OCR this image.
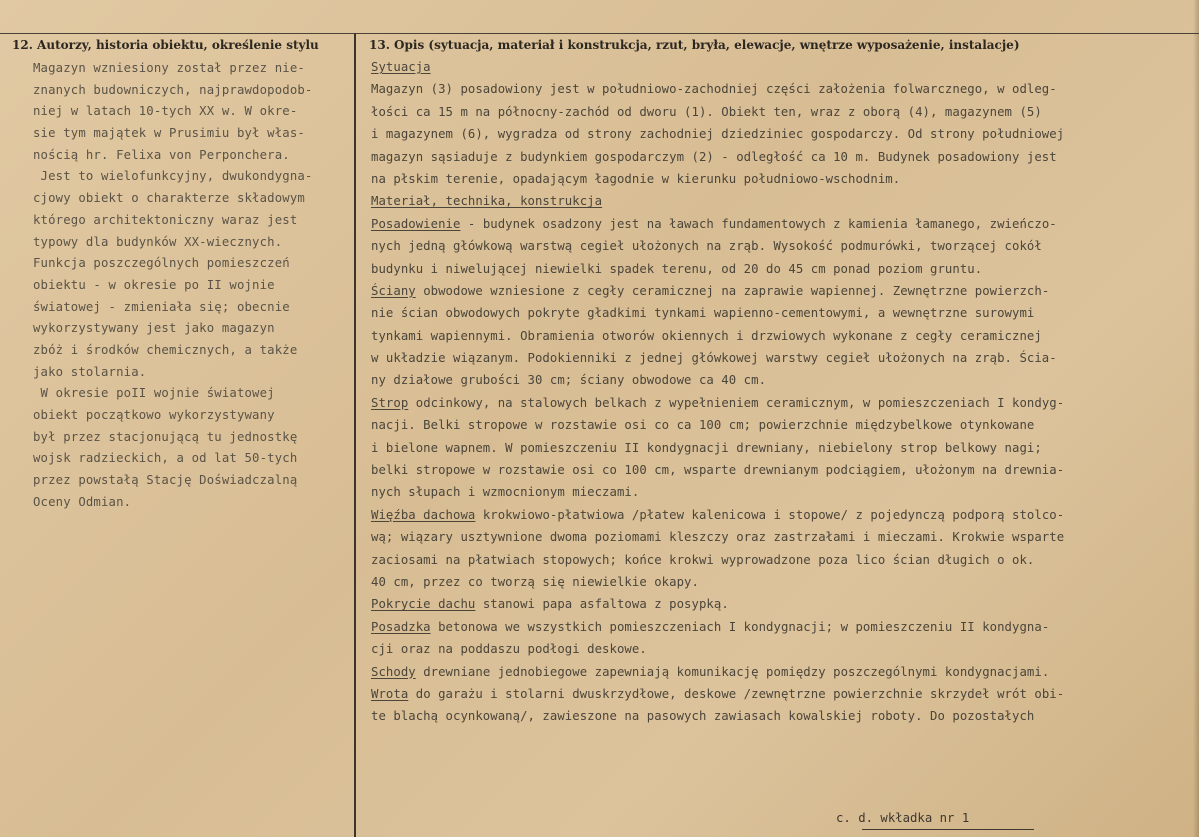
12. Autorzy, historia obiektu, określenie stylu	13. Opis (sytuacja, materiał i konstrukcja, rzut, bryła, elewacje, wnętrze wyposażenie, instalacje)
Magazyn wzniesiony został przez nie-
znanych budowniczych, najprawdopodob-
niej w latach 10-tych XX w. W okre-
sie tym majątek w Prusimiu był włas-
nością hr. Felixa von Perponchera.
Jest to wielofunkcyjny, dwukondygna-
cjowy obiekt o charakterze składowym
którego architektoniczny waraz jest
typowy dla budynków XX-wiecznych.
Funkcja poszczególnych pomieszczeń
obiektu - w okresie po II wojnie
światowej - zmieniała się; obecnie
wykorzystywany jest jako magazyn
zbóż i środków chemicznych, a także
jako stolarnia.
W okresie poII wojnie światowej
obiekt początkowo wykorzystywany
był przez stacjonującą tu jednostkę
wojsk radzieckich, a od lat 50-tych
przez powstałą Stację Doświadczalną
Oceny Odmian.
Sytuacja
Magazyn (3) posadowiony jest w południowo-zachodniej części założenia folwarcznego, w odleg-
łości ca 15 m na północny-zachód od dworu (1). Obiekt ten, wraz z oborą (4), magazynem (5)
i magazynem (6), wygradza od strony zachodniej dziedziniec gospodarczy. Od strony południowej
magazyn sąsiaduje z budynkiem gospodarczym (2) - odległość ca 10 m. Budynek posadowiony jest
na płskim terenie, opadającym łagodnie w kierunku południowo-wschodnim.
Materiał, technika, konstrukcja
Posadowienie - budynek osadzony jest na ławach fundamentowych z kamienia łamanego, zwieńczo-
nych jedną główkową warstwą cegieł ułożonych na zrąb. Wysokość podmurówki, tworzącej cokół
budynku i niwelującej niewielki spadek terenu, od 20 do 45 cm ponad poziom gruntu.
Ściany obwodowe wzniesione z cegły ceramicznej na zaprawie wapiennej. Zewnętrzne powierzch-
nie ścian obwodowych pokryte gładkimi tynkami wapienno-cementowymi, a wewnętrzne surowymi
tynkami wapiennymi. Obramienia otworów okiennych i drzwiowych wykonane z cegły ceramicznej
w układzie wiązanym. Podokienniki z jednej główkowej warstwy cegieł ułożonych na zrąb. Ścia-
ny działowe grubości 30 cm; ściany obwodowe ca 40 cm.
Strop odcinkowy, na stalowych belkach z wypełnieniem ceramicznym, w pomieszczeniach I kondyg-
nacji. Belki stropowe w rozstawie osi co ca 100 cm; powierzchnie międzybelkowe otynkowane
i bielone wapnem. W pomieszczeniu II kondygnacji drewniany, niebielony strop belkowy nagi;
belki stropowe w rozstawie osi co 100 cm, wsparte drewnianym podciągiem, ułożonym na drewnia-
nych słupach i wzmocnionym mieczami.
Więźba dachowa krokwiowo-płatwiowa /płatew kalenicowa i stopowe/ z pojedynczą podporą stolco-
wą; wiązary usztywnione dwoma poziomami kleszczy oraz zastrzałami i mieczami. Krokwie wsparte
zaciosami na płatwiach stopowych; końce krokwi wyprowadzone poza lico ścian długich o ok.
40 cm, przez co tworzą się niewielkie okapy.
Pokrycie dachu stanowi papa asfaltowa z posypką.
Posadzka betonowa we wszystkich pomieszczeniach I kondygnacji; w pomieszczeniu II kondygna-
cji oraz na poddaszu podłogi deskowe.
Schody drewniane jednobiegowe zapewniają komunikację pomiędzy poszczególnymi kondygnacjami.
Wrota do garażu i stolarni dwuskrzydłowe, deskowe /zewnętrzne powierzchnie skrzydeł wrót obi-
te blachą ocynkowaną/, zawieszone na pasowych zawiasach kowalskiej roboty. Do pozostałych
c. d. wkładka nr 1
